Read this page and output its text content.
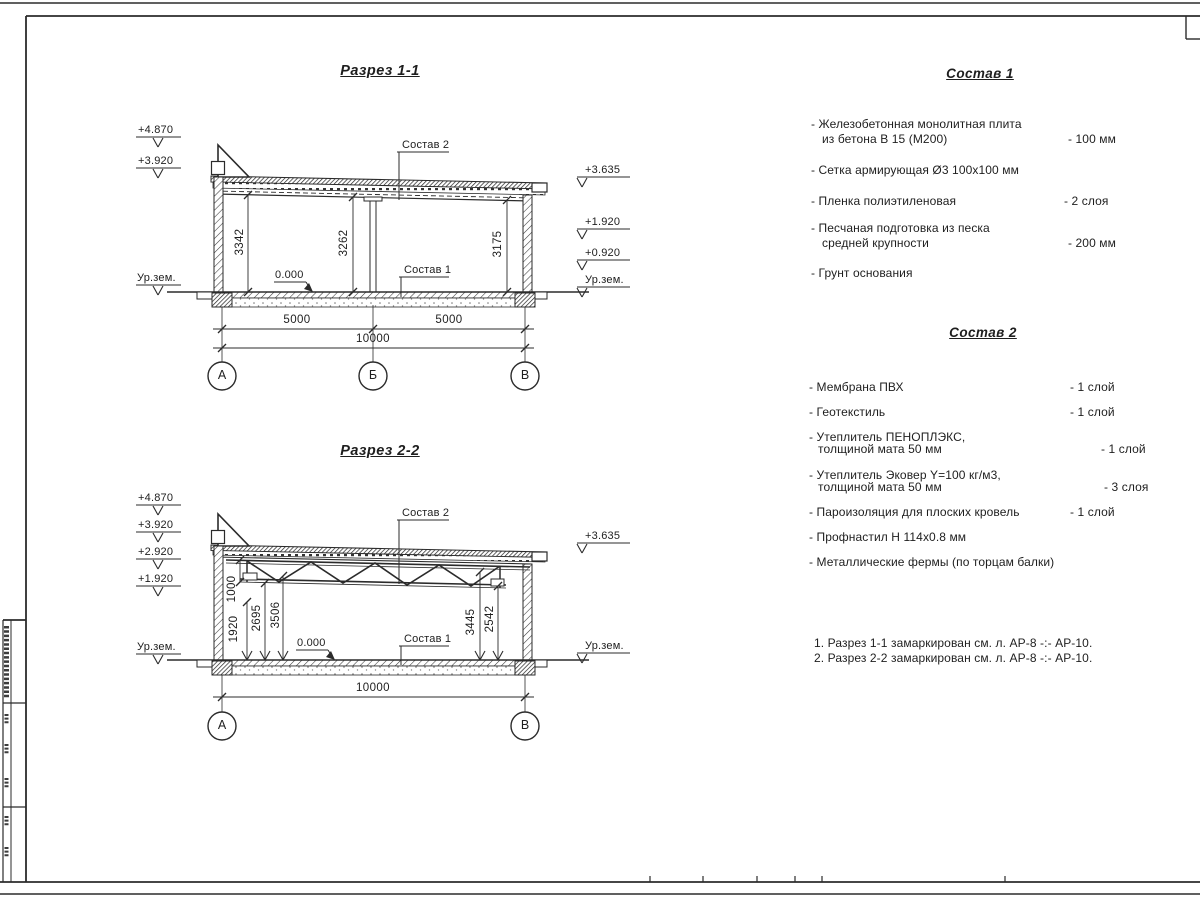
Разрез 1-1
+4.870
+3.920
Ур.зем.
+3.635
+1.920
+0.920
Ур.зем.
3342	3262	3175
0.000
Состав 2
Состав 1
5000	5000
10000
А	Б	В
Разрез 2-2
+4.870
+3.920
+2.920
+1.920
Ур.зем.
+3.635
Ур.зем.
1000
1920 2695 3506	3445 2542
0.000
Состав 2
Состав 1
10000
А	В
Состав 1
- Железобетонная монолитная плита
из бетона В 15 (М200)	- 100 мм
- Сетка армирующая Ø3 100х100 мм
- Пленка полиэтиленовая	- 2 слоя
- Песчаная подготовка из песка
средней крупности	- 200 мм
- Грунт основания
Состав 2
- Мембрана ПВХ	- 1 слой
- Геотекстиль	- 1 слой
- Утеплитель ПЕНОПЛЭКС,
толщиной мата 50 мм	- 1 слой
- Утеплитель Эковер Y=100 кг/м3,
толщиной мата 50 мм	- 3 слоя
- Пароизоляция для плоских кровель	- 1 слой
- Профнастил Н 114х0.8 мм
- Металлические фермы (по торцам балки)
1. Разрез 1-1 замаркирован см. л. АР-8 -:- АР-10.
2. Разрез 2-2 замаркирован см. л. АР-8 -:- АР-10.
